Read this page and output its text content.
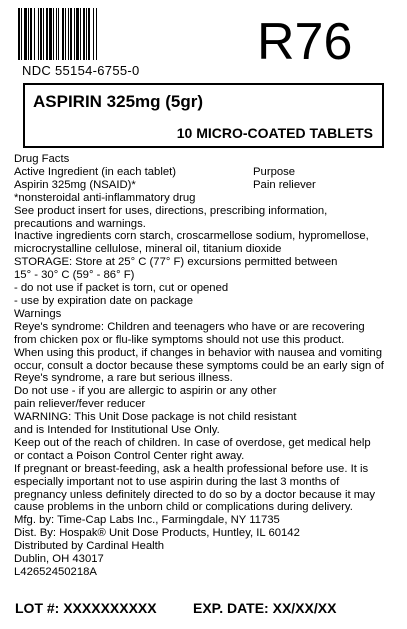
NDC 55154-6755-0 R76
ASPIRIN 325mg (5gr)
10 MICRO-COATED TABLETS
Drug Facts
Active Ingredient (in each tablet)	Purpose
Aspirin 325mg (NSAID)*	Pain reliever
*nonsteroidal anti-inflammatory drug
See product insert for uses, directions, prescribing information,
precautions and warnings.
Inactive ingredients corn starch, croscarmellose sodium, hypromellose,
microcrystalline cellulose, mineral oil, titanium dioxide
STORAGE: Store at 25° C (77° F) excursions permitted between
15° - 30° C (59° - 86° F)
- do not use if packet is torn, cut or opened
- use by expiration date on package
Warnings
Reye's syndrome: Children and teenagers who have or are recovering
from chicken pox or flu-like symptoms should not use this product.
When using this product, if changes in behavior with nausea and vomiting
occur, consult a doctor because these symptoms could be an early sign of
Reye's syndrome, a rare but serious illness.
Do not use - if you are allergic to aspirin or any other
pain reliever/fever reducer
WARNING: This Unit Dose package is not child resistant
and is Intended for Institutional Use Only.
Keep out of the reach of children. In case of overdose, get medical help
or contact a Poison Control Center right away.
If pregnant or breast-feeding, ask a health professional before use. It is
especially important not to use aspirin during the last 3 months of
pregnancy unless definitely directed to do so by a doctor because it may
cause problems in the unborn child or complications during delivery.
Mfg. by: Time-Cap Labs Inc., Farmingdale, NY 11735
Dist. By: Hospak® Unit Dose Products, Huntley, IL 60142
Distributed by Cardinal Health
Dublin, OH 43017
L42652450218A
LOT #: XXXXXXXXXX	EXP. DATE: XX/XX/XX
